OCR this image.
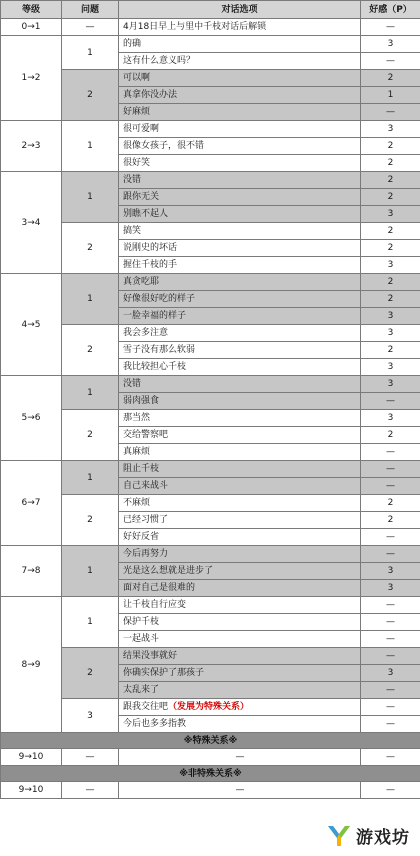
等级	问题	对话选项	好感（P）
0→1	—	4月18日早上与里中千枝对话后解锁	—
1→2	1	的确	3
		这有什么意义吗？	—
	2	可以啊	2
		真拿你没办法	1
		好麻烦	—
2→3	1	很可爱啊	3
		很像女孩子，很不错	2
		很好笑	2
3→4	1	没错	2
		跟你无关	2
		别瞧不起人	3
	2	搞笑	2
		说刚史的坏话	2
		握住千枝的手	3
4→5	1	真贪吃耶	2
		好像很好吃的样子	2
		一脸幸福的样子	3
	2	我会多注意	3
		雪子没有那么软弱	2
		我比较担心千枝	3
5→6	1	没错	3
		弱肉强食	—
	2	那当然	3
		交给警察吧	2
		真麻烦	—
6→7	1	阻止千枝	—
		自己来战斗	—
	2	不麻烦	2
		已经习惯了	2
		好好反省	—
7→8	1	今后再努力	—
		光是这么想就是进步了	3
		面对自己是很难的	3
8→9	1	让千枝自行应变	—
		保护千枝	—
		一起战斗	—
	2	结果没事就好	—
		你确实保护了那孩子	3
		太乱来了	—
	3	跟我交往吧（发展为特殊关系）	—
		今后也多多指教	—
※特殊关系※			
9→10	—	—	—
※非特殊关系※			
9→10	—	—	—
游戏坊
